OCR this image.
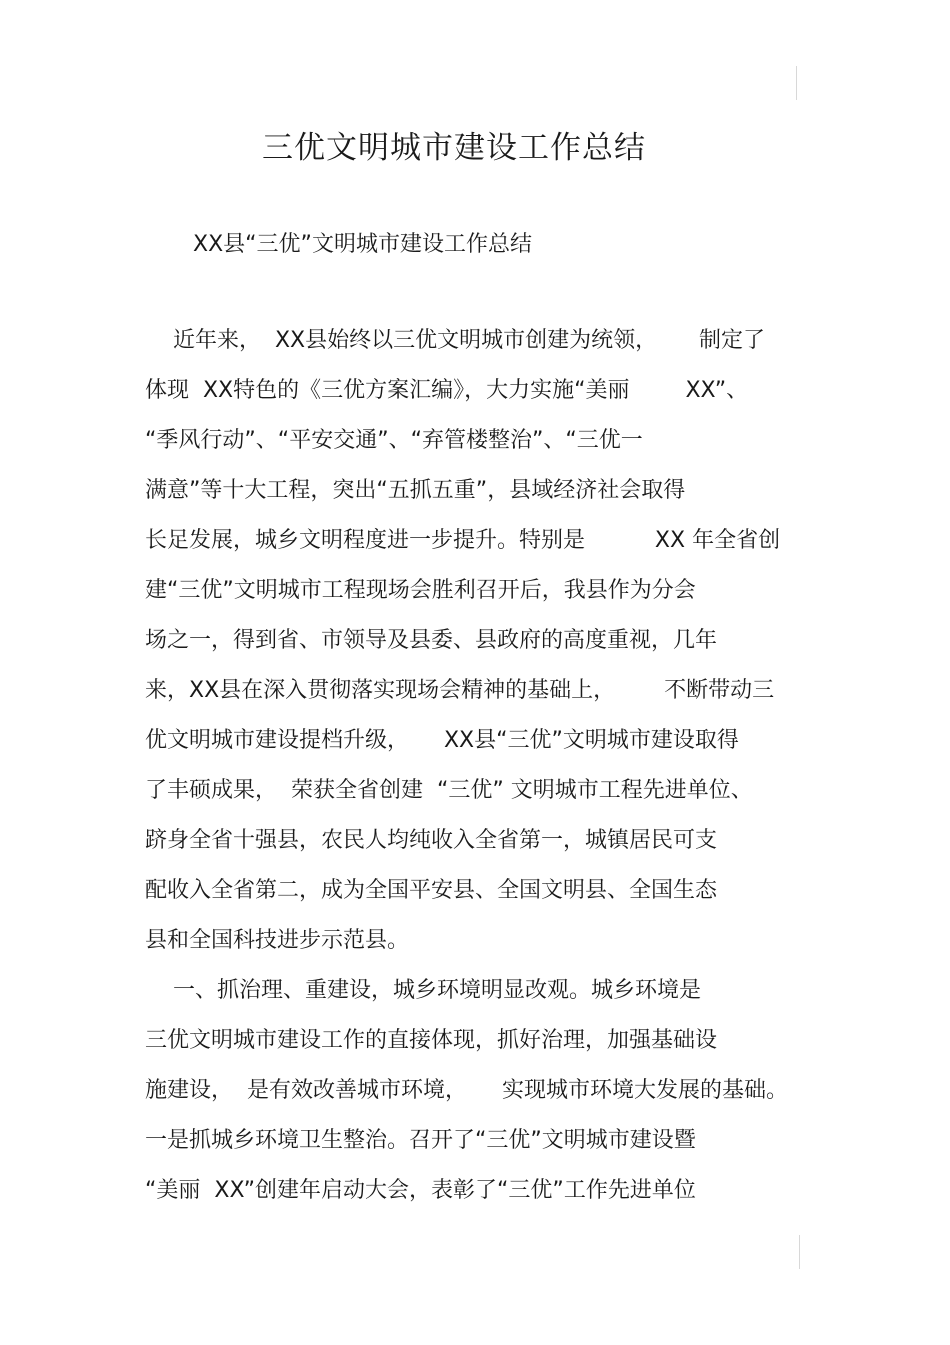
三优文明城市建设工作总结
XX县“三优”文明城市建设工作总结
近年来，  XX县始终以三优文明城市创建为统领，      制定了
体现  XX特色的《三优方案汇编》，大力实施“美丽        XX”、
“季风行动”、“平安交通”、“弃管楼整治”、“三优一
满意”等十大工程，突出“五抓五重”，县域经济社会取得
长足发展，城乡文明程度进一步提升。特别是          XX 年全省创
建“三优”文明城市工程现场会胜利召开后，我县作为分会
场之一，得到省、市领导及县委、县政府的高度重视，几年
来，XX县在深入贯彻落实现场会精神的基础上，       不断带动三
优文明城市建设提档升级，     XX县“三优”文明城市建设取得
了丰硕成果，  荣获全省创建  “三优” 文明城市工程先进单位、
跻身全省十强县，农民人均纯收入全省第一，城镇居民可支
配收入全省第二，成为全国平安县、全国文明县、全国生态
县和全国科技进步示范县。
一、抓治理、重建设，城乡环境明显改观。城乡环境是
三优文明城市建设工作的直接体现，抓好治理，加强基础设
施建设，  是有效改善城市环境，     实现城市环境大发展的基础。
一是抓城乡环境卫生整治。召开了“三优”文明城市建设暨
“美丽  XX”创建年启动大会，表彰了“三优”工作先进单位
